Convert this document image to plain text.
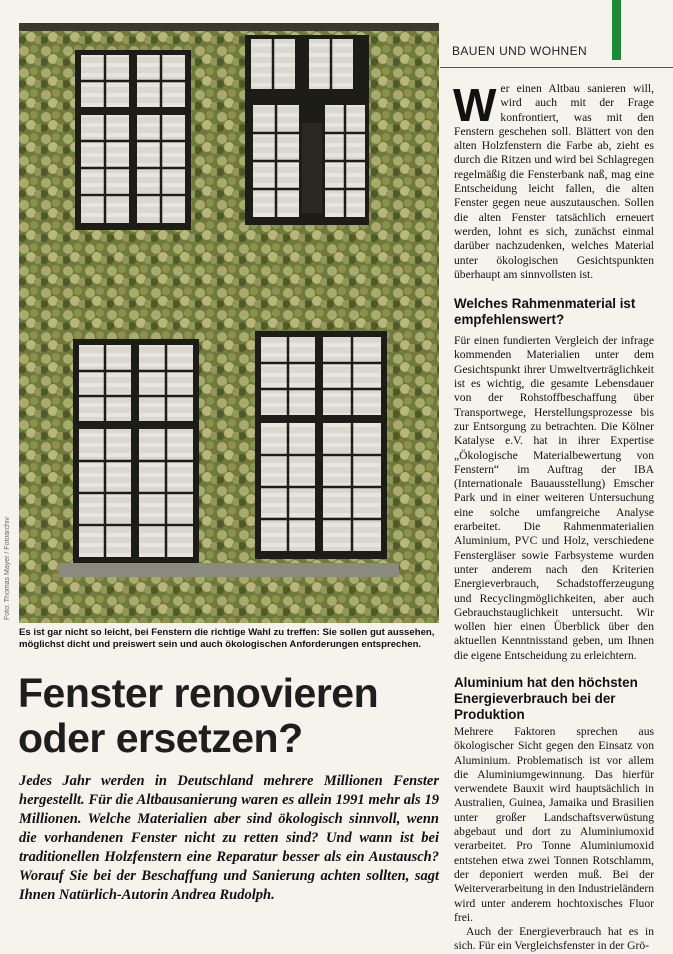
BAUEN UND WOHNEN
Foto: Thomas Mayer / Fotoarchiv
Es ist gar nicht so leicht, bei Fenstern die richtige Wahl zu treffen: Sie sollen gut aussehen, möglichst dicht und preiswert sein und auch ökologischen Anforderungen entsprechen.
Fenster renovieren oder ersetzen?
Jedes Jahr werden in Deutschland mehrere Millionen Fenster hergestellt. Für die Altbausanierung waren es allein 1991 mehr als 19 Millionen. Welche Materialien aber sind ökologisch sinnvoll, wenn die vorhandenen Fenster nicht zu retten sind? Und wann ist bei traditionellen Holzfenstern eine Reparatur besser als ein Austausch? Worauf Sie bei der Beschaffung und Sanierung achten sollten, sagt Ihnen Natürlich-Autorin Andrea Rudolph.

Wer einen Altbau sanieren will, wird auch mit der Frage konfrontiert, was mit den Fenstern geschehen soll. Blättert von den alten Holzfenstern die Farbe ab, zieht es durch die Ritzen und wird bei Schlagregen regelmäßig die Fensterbank naß, mag eine Entscheidung leicht fallen, die alten Fenster gegen neue auszutauschen. Sollen die alten Fenster tatsächlich erneuert werden, lohnt es sich, zunächst einmal darüber nachzudenken, welches Material unter ökologischen Gesichtspunkten überhaupt am sinnvollsten ist.

Welches Rahmenmaterial ist empfehlenswert?

Für einen fundierten Vergleich der infrage kommenden Materialien unter dem Gesichtspunkt ihrer Umweltverträglichkeit ist es wichtig, die gesamte Lebensdauer von der Rohstoffbeschaffung über Transportwege, Herstellungsprozesse bis zur Entsorgung zu betrachten. Die Kölner Katalyse e.V. hat in ihrer Expertise „Ökologische Materialbewertung von Fenstern“ im Auftrag der IBA (Internationale Bauausstellung) Emscher Park und in einer weiteren Untersuchung eine solche umfangreiche Analyse erarbeitet. Die Rahmenmaterialien Aluminium, PVC und Holz, verschiedene Fenstergläser sowie Farbsysteme wurden unter anderem nach den Kriterien Energieverbrauch, Schadstofferzeugung und Recyclingmöglichkeiten, aber auch Gebrauchstauglichkeit untersucht. Wir wollen hier einen Überblick über den aktuellen Kenntnisstand geben, um Ihnen die eigene Entscheidung zu erleichtern.

Aluminium hat den höchsten Energieverbrauch bei der Produktion

Mehrere Faktoren sprechen aus ökologischer Sicht gegen den Einsatz von Aluminium. Problematisch ist vor allem die Aluminiumgewinnung. Das hierfür verwendete Bauxit wird hauptsächlich in Australien, Guinea, Jamaika und Brasilien unter großer Landschaftsverwüstung abgebaut und dort zu Aluminiumoxid verarbeitet. Pro Tonne Aluminiumoxid entstehen etwa zwei Tonnen Rotschlamm, der deponiert werden muß. Bei der Weiterverarbeitung in den Industrieländern wird unter anderem hochtoxisches Fluor frei.

Auch der Energieverbrauch hat es in sich. Für ein Vergleichsfenster in der Grö-
